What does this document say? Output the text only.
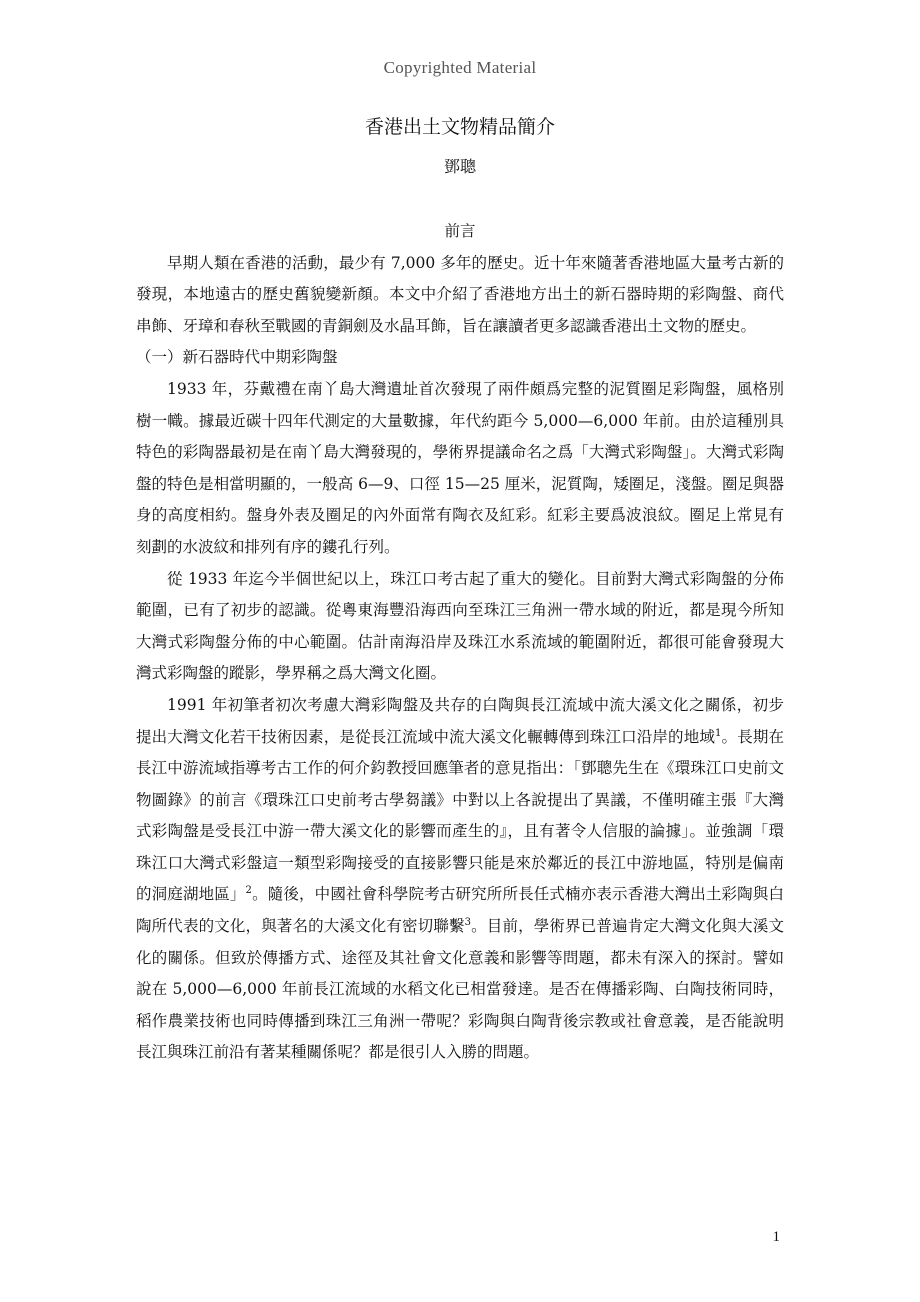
Copyrighted Material
香港出土文物精品簡介
鄧聰

前言

早期人類在香港的活動，最少有 7,000 多年的歷史。近十年來隨著香港地區大量考古新的發現，本地遠古的歷史舊貌變新顏。本文中介紹了香港地方出土的新石器時期的彩陶盤、商代串飾、牙璋和春秋至戰國的青銅劍及水晶耳飾，旨在讓讀者更多認識香港出土文物的歷史。

（一）新石器時代中期彩陶盤

1933 年，芬戴禮在南丫島大灣遺址首次發現了兩件頗爲完整的泥質圈足彩陶盤，風格別樹一幟。據最近碳十四年代測定的大量數據，年代約距今 5,000—6,000 年前。由於這種別具特色的彩陶器最初是在南丫島大灣發現的，學術界提議命名之爲「大灣式彩陶盤」。大灣式彩陶盤的特色是相當明顯的，一般高 6—9、口徑 15—25 厘米，泥質陶，矮圈足，淺盤。圈足與器身的高度相約。盤身外表及圈足的內外面常有陶衣及紅彩。紅彩主要爲波浪紋。圈足上常見有刻劃的水波紋和排列有序的鏤孔行列。

從 1933 年迄今半個世紀以上，珠江口考古起了重大的變化。目前對大灣式彩陶盤的分佈範圍，已有了初步的認識。從粵東海豐沿海西向至珠江三角洲一帶水域的附近，都是現今所知大灣式彩陶盤分佈的中心範圍。估計南海沿岸及珠江水系流域的範圍附近，都很可能會發現大灣式彩陶盤的蹤影，學界稱之爲大灣文化圈。

1991 年初筆者初次考慮大灣彩陶盤及共存的白陶與長江流域中流大溪文化之關係，初步提出大灣文化若干技術因素，是從長江流域中流大溪文化輾轉傳到珠江口沿岸的地域$^1$。長期在長江中游流域指導考古工作的何介鈞教授回應筆者的意見指出：「鄧聰先生在《環珠江口史前文物圖錄》的前言《環珠江口史前考古學芻議》中對以上各說提出了異議，不僅明確主張『大灣式彩陶盤是受長江中游一帶大溪文化的影響而產生的』，且有著令人信服的論據」。並強調「環珠江口大灣式彩盤這一類型彩陶接受的直接影響只能是來於鄰近的長江中游地區，特別是偏南的洞庭湖地區」$^2$。隨後，中國社會科學院考古研究所所長任式楠亦表示香港大灣出土彩陶與白陶所代表的文化，與著名的大溪文化有密切聯繫$^3$。目前，學術界已普遍肯定大灣文化與大溪文化的關係。但致於傳播方式、途徑及其社會文化意義和影響等問題，都未有深入的探討。譬如說在 5,000—6,000 年前長江流域的水稻文化已相當發達。是否在傳播彩陶、白陶技術同時，稻作農業技術也同時傳播到珠江三角洲一帶呢？彩陶與白陶背後宗教或社會意義，是否能說明長江與珠江前沿有著某種關係呢？都是很引人入勝的問題。

1
